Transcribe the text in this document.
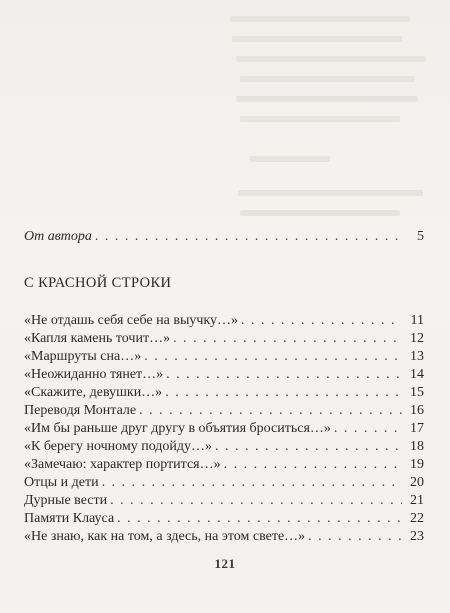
От автора . . .	5
С КРАСНОЙ СТРОКИ
«Не отдашь себя себе на выучку…» . . .	11
«Капля камень точит…» . . .	12
«Маршруты сна…» . . .	13
«Неожиданно тянет…» . . .	14
«Скажите, девушки…» . . .	15
Переводя Монтале . . .	16
«Им бы раньше друг другу в объятия броситься…» . . .	17
«К берегу ночному подойду…» . . .	18
«Замечаю: характер портится…» . . .	19
Отцы и дети . . .	20
Дурные вести . . .	21
Памяти Клауса . . .	22
«Не знаю, как на том, а здесь, на этом свете…» . . .	23
121
